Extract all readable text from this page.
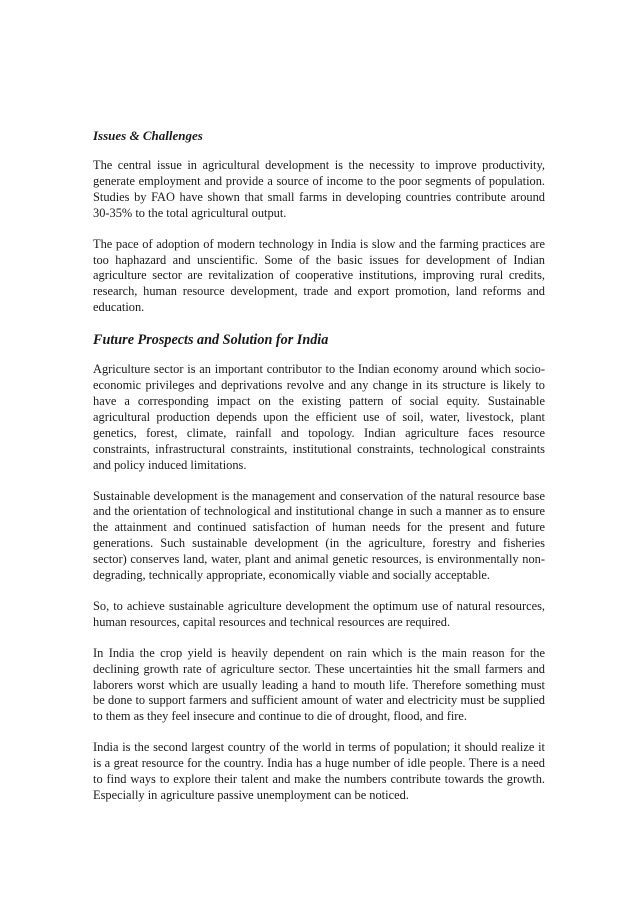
Issues & Challenges

The central issue in agricultural development is the necessity to improve productivity, generate employment and provide a source of income to the poor segments of population. Studies by FAO have shown that small farms in developing countries contribute around 30-35% to the total agricultural output.

The pace of adoption of modern technology in India is slow and the farming practices are too haphazard and unscientific. Some of the basic issues for development of Indian agriculture sector are revitalization of cooperative institutions, improving rural credits, research, human resource development, trade and export promotion, land reforms and education.

Future Prospects and Solution for India

Agriculture sector is an important contributor to the Indian economy around which socio-economic privileges and deprivations revolve and any change in its structure is likely to have a corresponding impact on the existing pattern of social equity. Sustainable agricultural production depends upon the efficient use of soil, water, livestock, plant genetics, forest, climate, rainfall and topology. Indian agriculture faces resource constraints, infrastructural constraints, institutional constraints, technological constraints and policy induced limitations.

Sustainable development is the management and conservation of the natural resource base and the orientation of technological and institutional change in such a manner as to ensure the attainment and continued satisfaction of human needs for the present and future generations. Such sustainable development (in the agriculture, forestry and fisheries sector) conserves land, water, plant and animal genetic resources, is environmentally non-degrading, technically appropriate, economically viable and socially acceptable.

So, to achieve sustainable agriculture development the optimum use of natural resources, human resources, capital resources and technical resources are required.

In India the crop yield is heavily dependent on rain which is the main reason for the declining growth rate of agriculture sector. These uncertainties hit the small farmers and laborers worst which are usually leading a hand to mouth life. Therefore something must be done to support farmers and sufficient amount of water and electricity must be supplied to them as they feel insecure and continue to die of drought, flood, and fire.

India is the second largest country of the world in terms of population; it should realize it is a great resource for the country. India has a huge number of idle people. There is a need to find ways to explore their talent and make the numbers contribute towards the growth. Especially in agriculture passive unemployment can be noticed.
